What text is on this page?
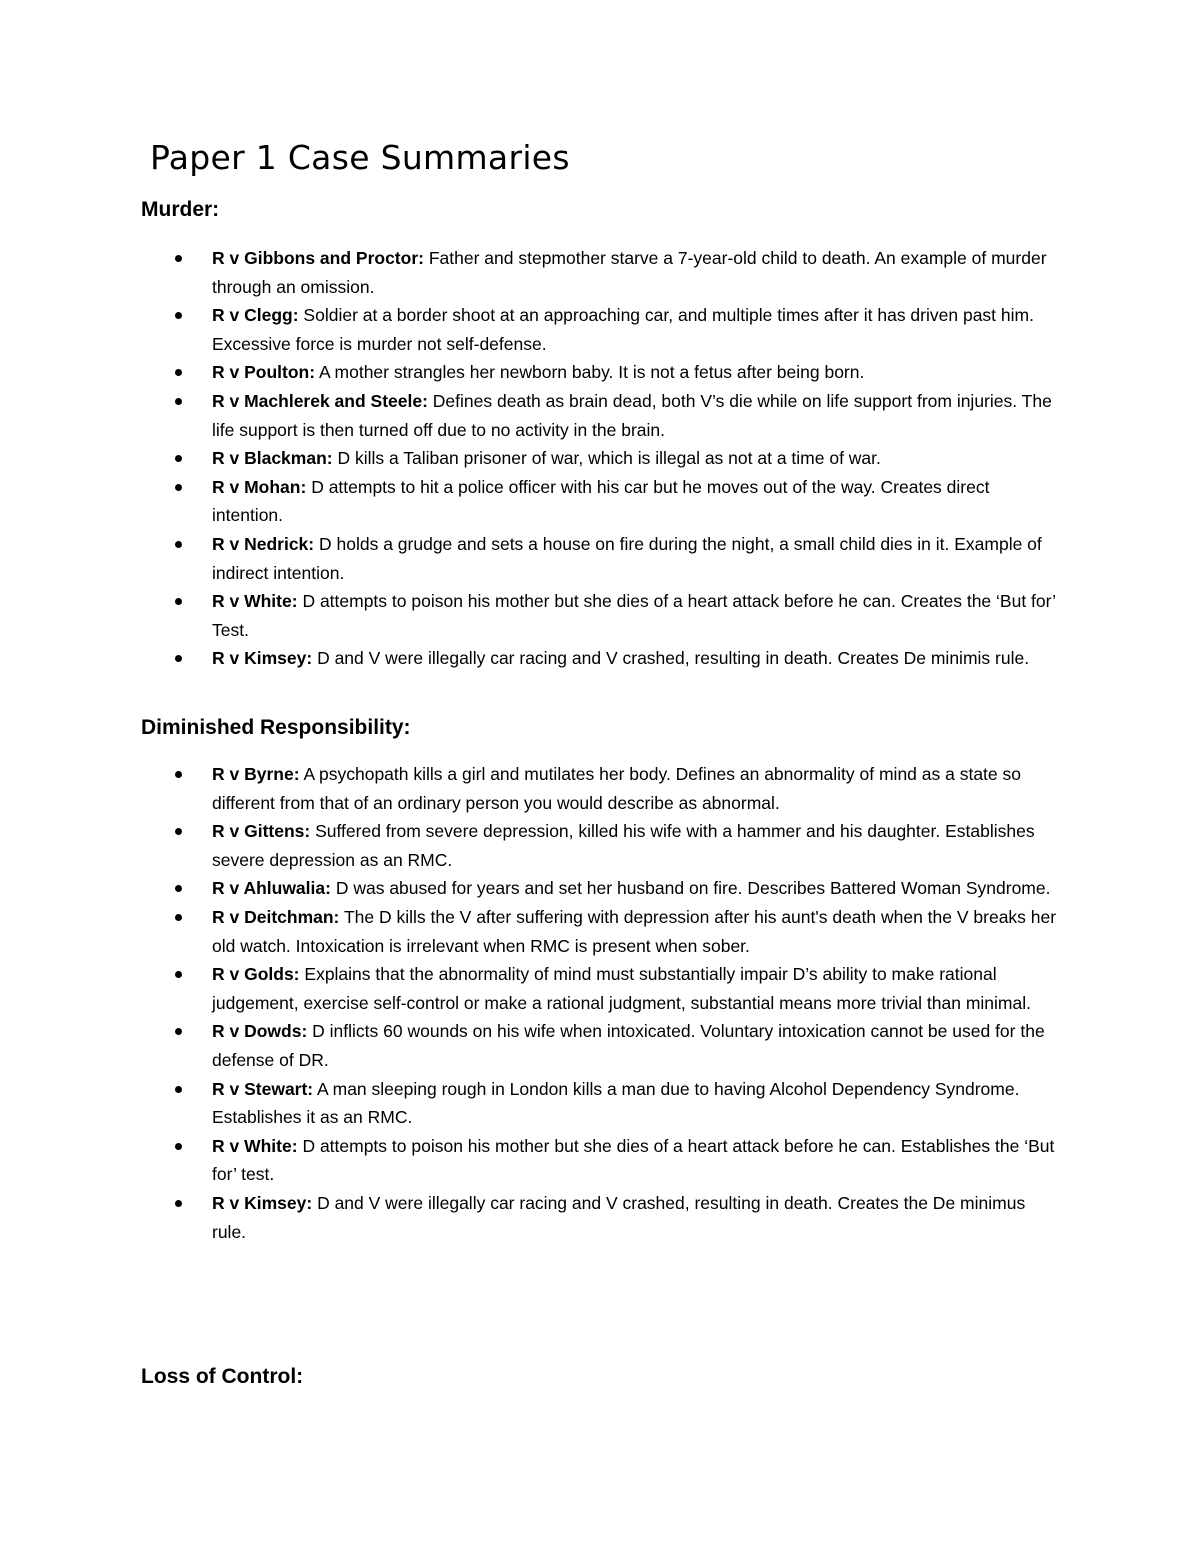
Paper 1 Case Summaries
Murder:
R v Gibbons and Proctor: Father and stepmother starve a 7-year-old child to death. An example of murder through an omission.
R v Clegg: Soldier at a border shoot at an approaching car, and multiple times after it has driven past him. Excessive force is murder not self-defense.
R v Poulton: A mother strangles her newborn baby. It is not a fetus after being born.
R v Machlerek and Steele: Defines death as brain dead, both V’s die while on life support from injuries. The life support is then turned off due to no activity in the brain.
R v Blackman: D kills a Taliban prisoner of war, which is illegal as not at a time of war.
R v Mohan: D attempts to hit a police officer with his car but he moves out of the way. Creates direct intention.
R v Nedrick: D holds a grudge and sets a house on fire during the night, a small child dies in it. Example of indirect intention.
R v White: D attempts to poison his mother but she dies of a heart attack before he can. Creates the ‘But for’ Test.
R v Kimsey: D and V were illegally car racing and V crashed, resulting in death. Creates De minimis rule.
Diminished Responsibility:
R v Byrne: A psychopath kills a girl and mutilates her body. Defines an abnormality of mind as a state so different from that of an ordinary person you would describe as abnormal.
R v Gittens: Suffered from severe depression, killed his wife with a hammer and his daughter. Establishes severe depression as an RMC.
R v Ahluwalia: D was abused for years and set her husband on fire. Describes Battered Woman Syndrome.
R v Deitchman: The D kills the V after suffering with depression after his aunt's death when the V breaks her old watch. Intoxication is irrelevant when RMC is present when sober.
R v Golds: Explains that the abnormality of mind must substantially impair D’s ability to make rational judgement, exercise self-control or make a rational judgment, substantial means more trivial than minimal.
R v Dowds: D inflicts 60 wounds on his wife when intoxicated. Voluntary intoxication cannot be used for the defense of DR.
R v Stewart: A man sleeping rough in London kills a man due to having Alcohol Dependency Syndrome. Establishes it as an RMC.
R v White: D attempts to poison his mother but she dies of a heart attack before he can. Establishes the ‘But for’ test.
R v Kimsey: D and V were illegally car racing and V crashed, resulting in death. Creates the De minimus rule.
Loss of Control:
